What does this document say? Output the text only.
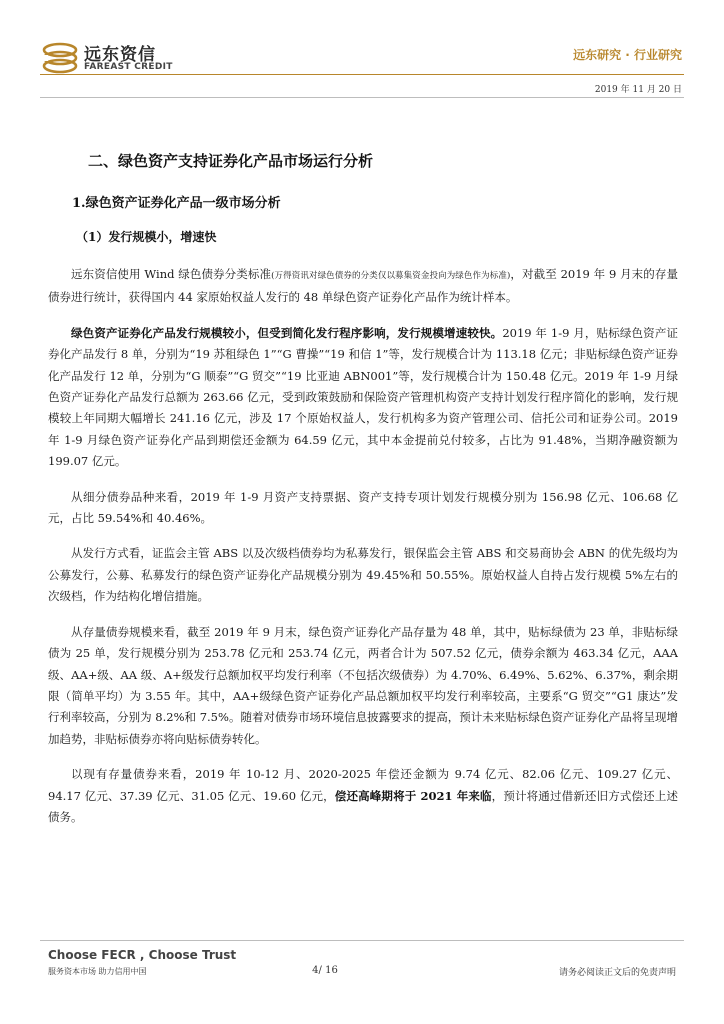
远东资信
FAREAST CREDIT
远东研究 · 行业研究
2019 年 11 月 20 日
二、绿色资产支持证券化产品市场运行分析
1.绿色资产证券化产品一级市场分析
（1）发行规模小，增速快

远东资信使用 Wind 绿色债券分类标准(万得资讯对绿色债券的分类仅以募集资金投向为绿色作为标准)，对截至 2019 年 9 月末的存量债券进行统计，获得国内 44 家原始权益人发行的 48 单绿色资产证券化产品作为统计样本。

绿色资产证券化产品发行规模较小，但受到简化发行程序影响，发行规模增速较快。2019 年 1-9 月，贴标绿色资产证券化产品发行 8 单，分别为“19 苏租绿色 1”“G 曹操”“19 和信 1”等，发行规模合计为 113.18 亿元；非贴标绿色资产证券化产品发行 12 单，分别为“G 顺泰”“G 贸交”“19 比亚迪 ABN001”等，发行规模合计为 150.48 亿元。2019 年 1-9 月绿色资产证券化产品发行总额为 263.66 亿元，受到政策鼓励和保险资产管理机构资产支持计划发行程序简化的影响，发行规模较上年同期大幅增长 241.16 亿元，涉及 17 个原始权益人，发行机构多为资产管理公司、信托公司和证券公司。2019 年 1-9 月绿色资产证券化产品到期偿还金额为 64.59 亿元，其中本金提前兑付较多，占比为 91.48%，当期净融资额为 199.07 亿元。

从细分债券品种来看，2019 年 1-9 月资产支持票据、资产支持专项计划发行规模分别为 156.98 亿元、106.68 亿元，占比 59.54%和 40.46%。

从发行方式看，证监会主管 ABS 以及次级档债券均为私募发行，银保监会主管 ABS 和交易商协会 ABN 的优先级均为公募发行，公募、私募发行的绿色资产证券化产品规模分别为 49.45%和 50.55%。原始权益人自持占发行规模 5%左右的次级档，作为结构化增信措施。

从存量债券规模来看，截至 2019 年 9 月末，绿色资产证券化产品存量为 48 单，其中，贴标绿债为 23 单，非贴标绿债为 25 单，发行规模分别为 253.78 亿元和 253.74 亿元，两者合计为 507.52 亿元，债券余额为 463.34 亿元，AAA 级、AA+级、AA 级、A+级发行总额加权平均发行利率（不包括次级债券）为 4.70%、6.49%、5.62%、6.37%，剩余期限（简单平均）为 3.55 年。其中，AA+级绿色资产证券化产品总额加权平均发行利率较高，主要系“G 贸交”“G1 康达”发行利率较高，分别为 8.2%和 7.5%。随着对债券市场环境信息披露要求的提高，预计未来贴标绿色资产证券化产品将呈现增加趋势，非贴标债券亦将向贴标债券转化。

以现有存量债券来看，2019 年 10-12 月、2020-2025 年偿还金额为 9.74 亿元、82.06 亿元、109.27 亿元、94.17 亿元、37.39 亿元、31.05 亿元、19.60 亿元，偿还高峰期将于 2021 年来临，预计将通过借新还旧方式偿还上述债务。

Choose FECR , Choose Trust
服务资本市场 助力信用中国	4/ 16	请务必阅读正文后的免责声明
